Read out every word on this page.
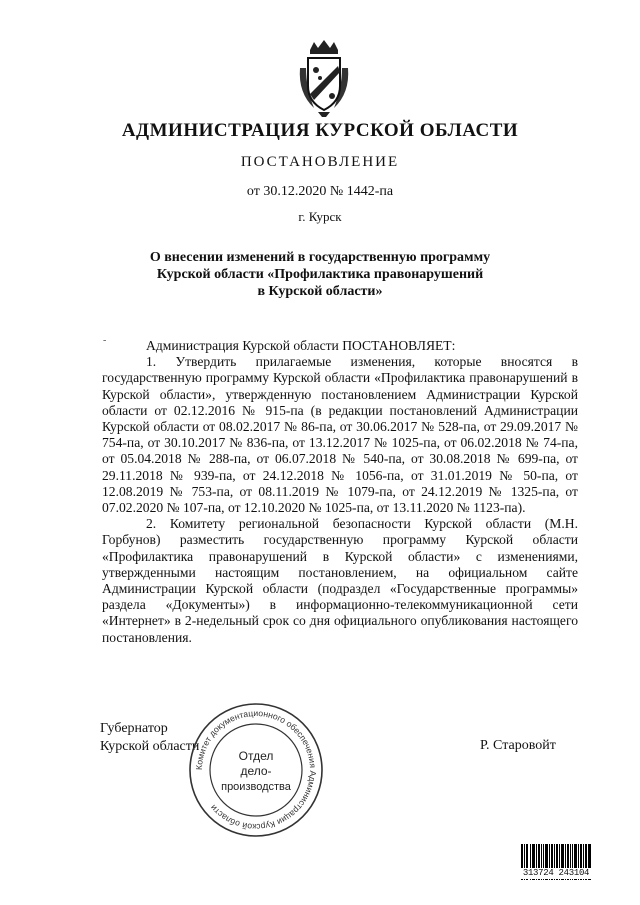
АДМИНИСТРАЦИЯ КУРСКОЙ ОБЛАСТИ
ПОСТАНОВЛЕНИЕ
от 30.12.2020 № 1442-па
г. Курск
О внесении изменений в государственную программу
Курской области «Профилактика правонарушений
в Курской области»
-	Администрация Курской области ПОСТАНОВЛЯЕТ:

1. Утвердить прилагаемые изменения, которые вносятся в государственную программу Курской области «Профилактика правонарушений в Курской области», утвержденную постановлением Администрации Курской области от 02.12.2016 № 915-па (в редакции постановлений Администрации Курской области от 08.02.2017 № 86-па, от 30.06.2017 № 528-па, от 29.09.2017 № 754-па, от 30.10.2017 № 836-па, от 13.12.2017 № 1025-па, от 06.02.2018 № 74-па, от 05.04.2018 № 288-па, от 06.07.2018 № 540-па, от 30.08.2018 № 699-па, от 29.11.2018 № 939-па, от 24.12.2018 № 1056-па, от 31.01.2019 № 50-па, от 12.08.2019 № 753-па, от 08.11.2019 № 1079-па, от 24.12.2019 № 1325-па, от 07.02.2020 № 107-па, от 12.10.2020 № 1025-па, от 13.11.2020 № 1123-па).

2. Комитету региональной безопасности Курской области (М.Н. Горбунов) разместить государственную программу Курской области «Профилактика правонарушений в Курской области» с изменениями, утвержденными настоящим постановлением, на официальном сайте Администрации Курской области (подраздел «Государственные программы» раздела «Документы») в информационно-телекоммуникационной сети «Интернет» в 2-недельный срок со дня официального опубликования настоящего постановления.

Губернатор
Курской области	Р. Старовойт
Комитет документационного обеспечения Администрации Курской области
Отдел
дело-
производства
313724 243104
